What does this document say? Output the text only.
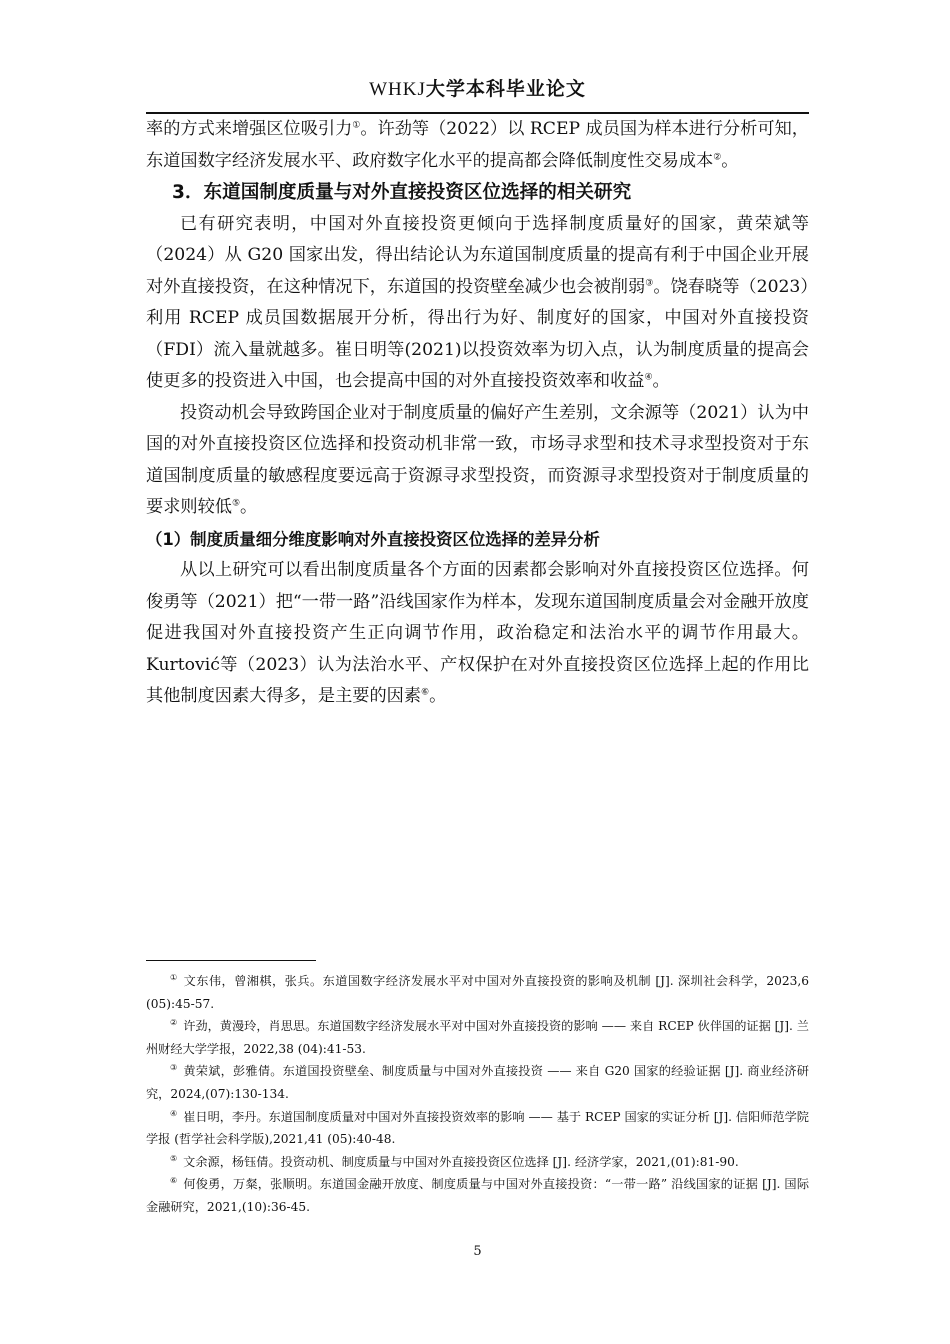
WHKJ大学本科毕业论文

率的方式来增强区位吸引力①。许劲等（2022）以 RCEP 成员国为样本进行分析可知，东道国数字经济发展水平、政府数字化水平的提高都会降低制度性交易成本②。

3．东道国制度质量与对外直接投资区位选择的相关研究

已有研究表明，中国对外直接投资更倾向于选择制度质量好的国家，黄荣斌等（2024）从 G20 国家出发，得出结论认为东道国制度质量的提高有利于中国企业开展对外直接投资，在这种情况下，东道国的投资壁垒减少也会被削弱③。饶春晓等（2023）利用 RCEP 成员国数据展开分析，得出行为好、制度好的国家，中国对外直接投资（FDI）流入量就越多。崔日明等(2021)以投资效率为切入点，认为制度质量的提高会使更多的投资进入中国，也会提高中国的对外直接投资效率和收益④。

投资动机会导致跨国企业对于制度质量的偏好产生差别，文余源等（2021）认为中国的对外直接投资区位选择和投资动机非常一致，市场寻求型和技术寻求型投资对于东道国制度质量的敏感程度要远高于资源寻求型投资，而资源寻求型投资对于制度质量的要求则较低⑤。

（1）制度质量细分维度影响对外直接投资区位选择的差异分析

从以上研究可以看出制度质量各个方面的因素都会影响对外直接投资区位选择。何俊勇等（2021）把“一带一路”沿线国家作为样本，发现东道国制度质量会对金融开放度促进我国对外直接投资产生正向调节作用，政治稳定和法治水平的调节作用最大。Kurtović等（2023）认为法治水平、产权保护在对外直接投资区位选择上起的作用比其他制度因素大得多，是主要的因素⑥。

① 文东伟，曾湘棋，张兵。东道国数字经济发展水平对中国对外直接投资的影响及机制 [J]. 深圳社会科学，2023,6 (05):45-57.

② 许劲，黄漫玲，肖思思。东道国数字经济发展水平对中国对外直接投资的影响 —— 来自 RCEP 伙伴国的证据 [J]. 兰州财经大学学报，2022,38 (04):41-53.

③ 黄荣斌，彭雅倩。东道国投资壁垒、制度质量与中国对外直接投资 —— 来自 G20 国家的经验证据 [J]. 商业经济研究，2024,(07):130-134.

④ 崔日明，李丹。东道国制度质量对中国对外直接投资效率的影响 —— 基于 RCEP 国家的实证分析 [J]. 信阳师范学院学报 (哲学社会科学版),2021,41 (05):40-48.

⑤ 文余源，杨钰倩。投资动机、制度质量与中国对外直接投资区位选择 [J]. 经济学家，2021,(01):81-90.

⑥ 何俊勇，万粲，张顺明。东道国金融开放度、制度质量与中国对外直接投资：“一带一路” 沿线国家的证据 [J]. 国际金融研究，2021,(10):36-45.

5
